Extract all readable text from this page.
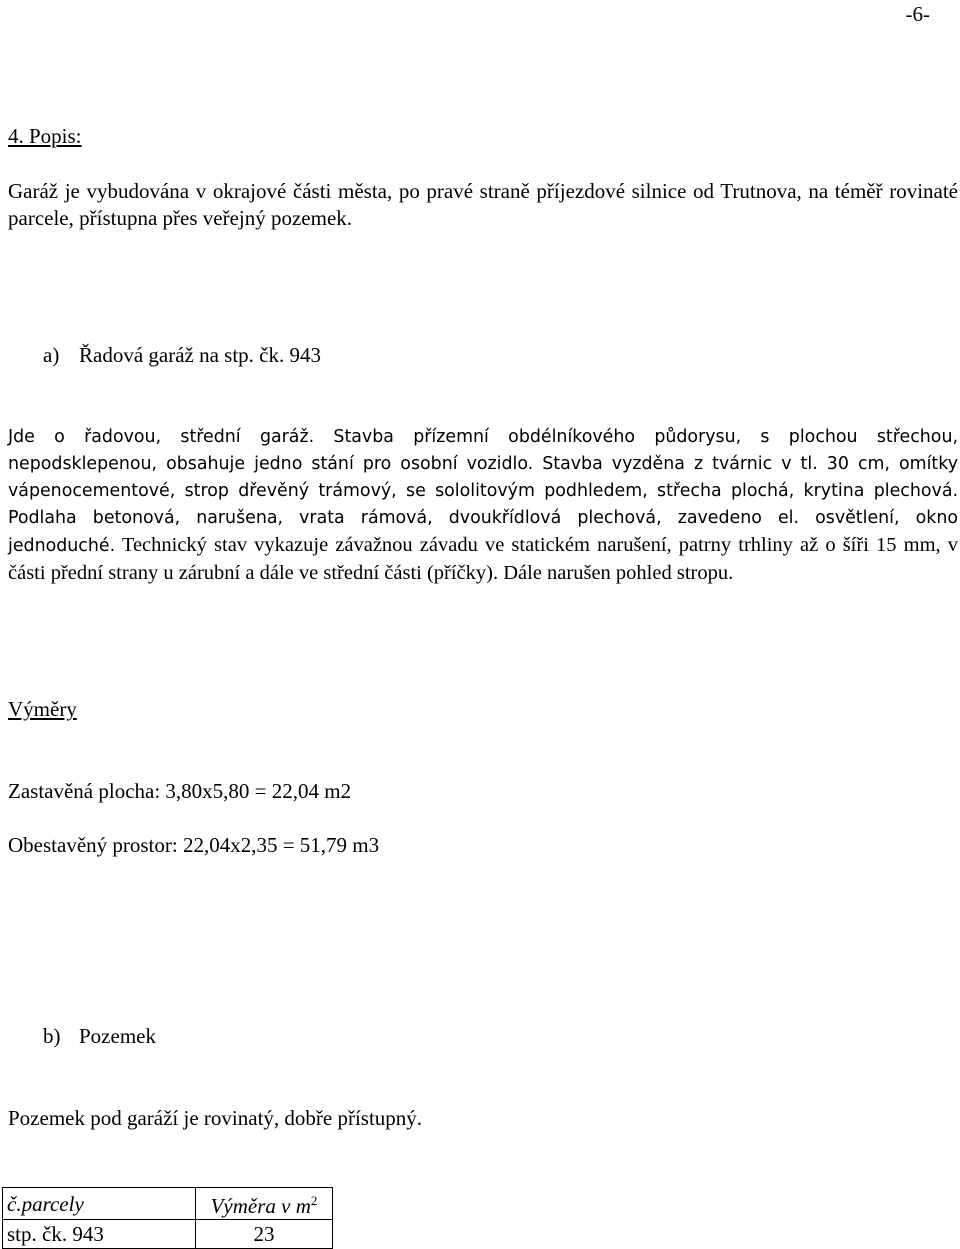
-6-
4. Popis:
Garáž je vybudována v okrajové části města, po pravé straně příjezdové silnice od Trutnova, na téměř rovinaté parcele, přístupna přes veřejný pozemek.
a) Řadová garáž na stp. čk. 943
Jde o řadovou, střední garáž. Stavba přízemní obdélníkového půdorysu, s plochou střechou, nepodsklepenou, obsahuje jedno stání pro osobní vozidlo. Stavba vyzděna z tvárnic v tl. 30 cm, omítky vápenocementové, strop dřevěný trámový, se sololitovým podhledem, střecha plochá, krytina plechová. Podlaha betonová, narušena, vrata rámová, dvoukřídlová plechová, zavedeno el. osvětlení, okno jednoduché. Technický stav vykazuje závažnou závadu ve statickém narušení, patrny trhliny až o šíři 15 mm, v části přední strany u zárubní a dále ve střední části (příčky). Dále narušen pohled stropu.
Výměry
Zastavěná plocha: 3,80x5,80 = 22,04 m2
Obestavěný prostor: 22,04x2,35 = 51,79 m3
b) Pozemek
Pozemek pod garáží je rovinatý, dobře přístupný.
č.parcely	Výměra v $m^2$
stp. čk. 943	23
